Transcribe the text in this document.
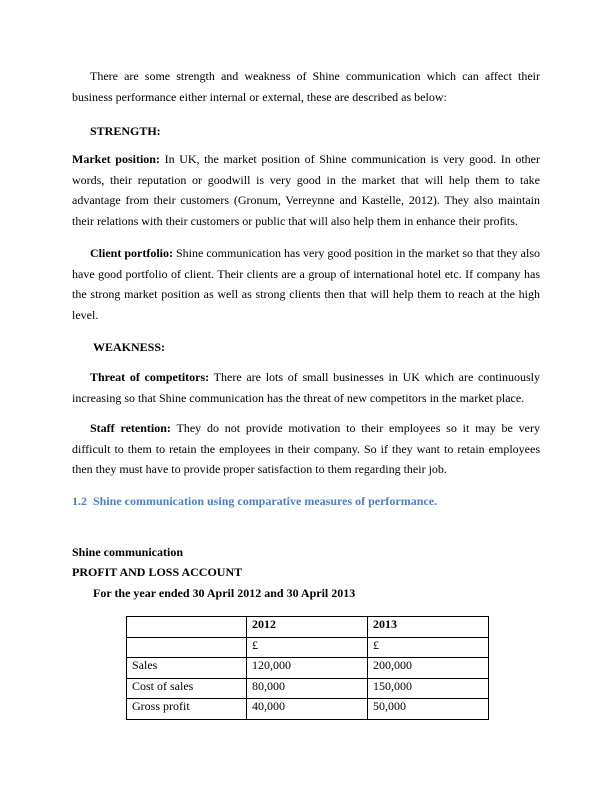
There are some strength and weakness of Shine communication which can affect their business performance either internal or external, these are described as below:

STRENGTH:

Market position: In UK, the market position of Shine communication is very good. In other words, their reputation or goodwill is very good in the market that will help them to take advantage from their customers (Gronum, Verreynne and Kastelle, 2012). They also maintain their relations with their customers or public that will also help them in enhance their profits.

Client portfolio: Shine communication has very good position in the market so that they also have good portfolio of client. Their clients are a group of international hotel etc. If company has the strong market position as well as strong clients then that will help them to reach at the high level.

WEAKNESS:

Threat of competitors: There are lots of small businesses in UK which are continuously increasing so that Shine communication has the threat of new competitors in the market place.

Staff retention: They do not provide motivation to their employees so it may be very difficult to them to retain the employees in their company. So if they want to retain employees then they must have to provide proper satisfaction to them regarding their job.

1.2 Shine communication using comparative measures of performance.
Shine communication
PROFIT AND LOSS ACCOUNT
For the year ended 30 April 2012 and 30 April 2013
	2012	2013
	£	£
Sales	120,000	200,000
Cost of sales	80,000	150,000
Gross profit	40,000	50,000
